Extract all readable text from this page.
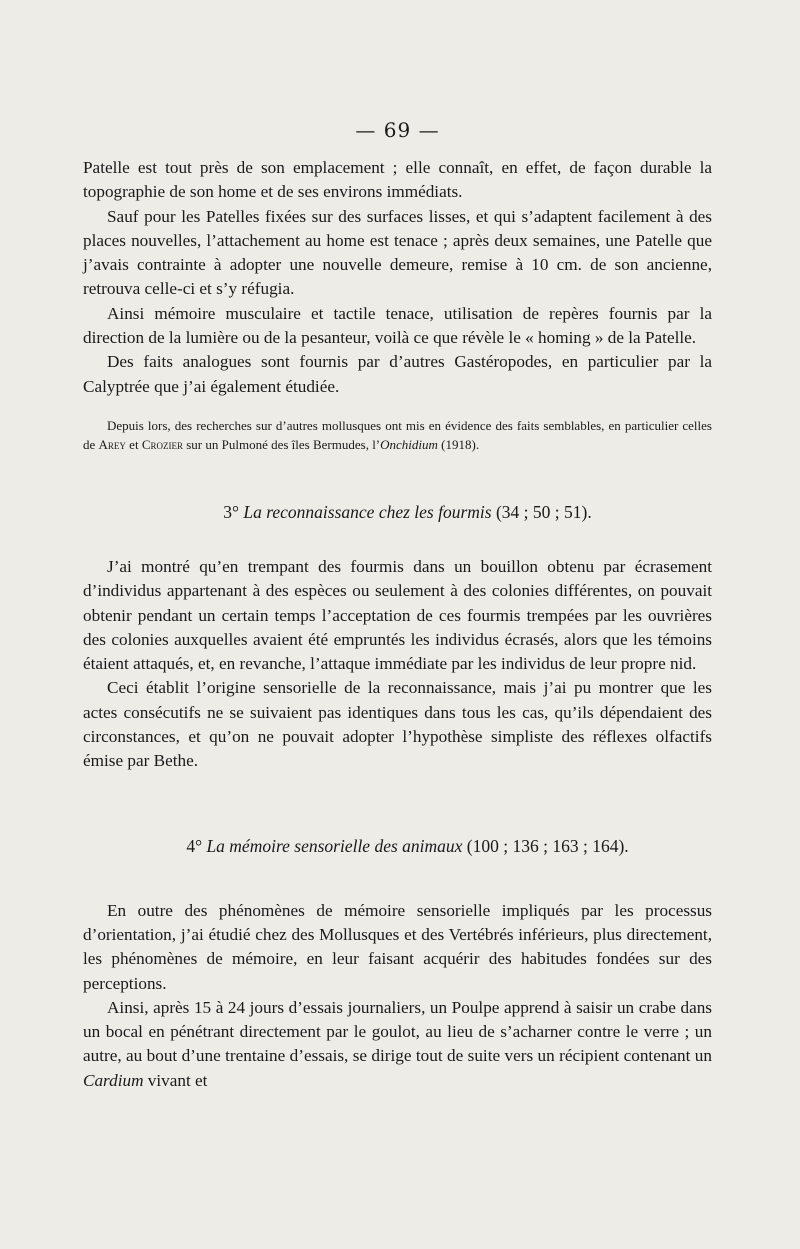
— 69 —

Patelle est tout près de son emplacement ; elle connaît, en effet, de façon durable la topographie de son home et de ses environs immédiats.

Sauf pour les Patelles fixées sur des surfaces lisses, et qui s’adaptent facilement à des places nouvelles, l’attachement au home est tenace ; après deux semaines, une Patelle que j’avais contrainte à adopter une nouvelle demeure, remise à 10 cm. de son ancienne, retrouva celle-ci et s’y réfugia.

Ainsi mémoire musculaire et tactile tenace, utilisation de repères fournis par la direction de la lumière ou de la pesanteur, voilà ce que révèle le « homing » de la Patelle.

Des faits analogues sont fournis par d’autres Gastéropodes, en particulier par la Calyptrée que j’ai également étudiée.

Depuis lors, des recherches sur d’autres mollusques ont mis en évidence des faits semblables, en particulier celles de Arey et Crozier sur un Pulmoné des îles Bermudes, l’Onchidium (1918).

3° La reconnaissance chez les fourmis (34 ; 50 ; 51).

J’ai montré qu’en trempant des fourmis dans un bouillon obtenu par écrasement d’individus appartenant à des espèces ou seulement à des colonies différentes, on pouvait obtenir pendant un certain temps l’acceptation de ces fourmis trempées par les ouvrières des colonies auxquelles avaient été empruntés les individus écrasés, alors que les témoins étaient attaqués, et, en revanche, l’attaque immédiate par les individus de leur propre nid.

Ceci établit l’origine sensorielle de la reconnaissance, mais j’ai pu montrer que les actes consécutifs ne se suivaient pas identiques dans tous les cas, qu’ils dépendaient des circonstances, et qu’on ne pouvait adopter l’hypothèse simpliste des réflexes olfactifs émise par Bethe.

4° La mémoire sensorielle des animaux (100 ; 136 ; 163 ; 164).

En outre des phénomènes de mémoire sensorielle impliqués par les processus d’orientation, j’ai étudié chez des Mollusques et des Vertébrés inférieurs, plus directement, les phénomènes de mémoire, en leur faisant acquérir des habitudes fondées sur des perceptions.

Ainsi, après 15 à 24 jours d’essais journaliers, un Poulpe apprend à saisir un crabe dans un bocal en pénétrant directement par le goulot, au lieu de s’acharner contre le verre ; un autre, au bout d’une trentaine d’essais, se dirige tout de suite vers un récipient contenant un Cardium vivant et
